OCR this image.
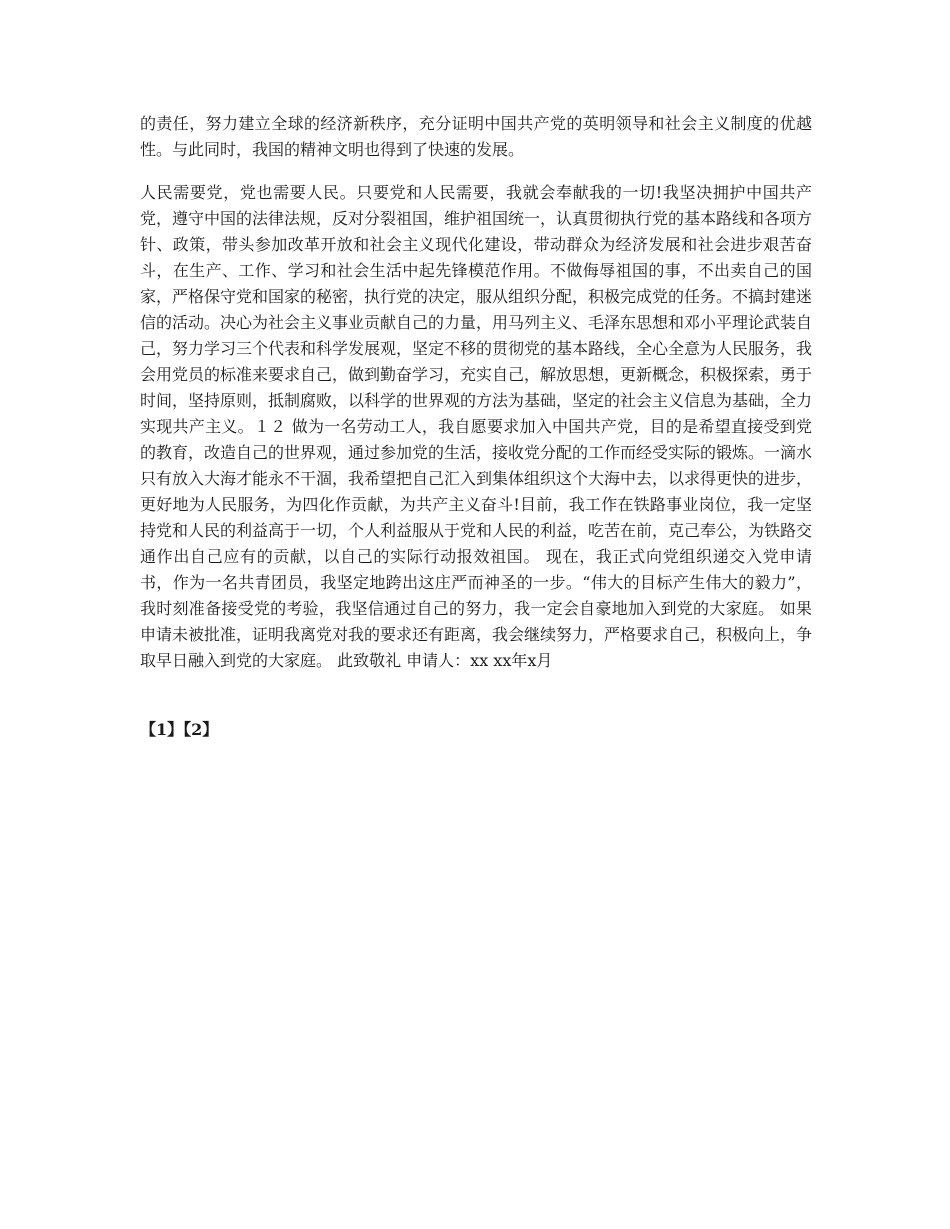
的责任，努力建立全球的经济新秩序，充分证明中国共产党的英明领导和社会主义制度的优越性。与此同时，我国的精神文明也得到了快速的发展。

人民需要党，党也需要人民。只要党和人民需要，我就会奉献我的一切!我坚决拥护中国共产党，遵守中国的法律法规，反对分裂祖国，维护祖国统一，认真贯彻执行党的基本路线和各项方针、政策，带头参加改革开放和社会主义现代化建设，带动群众为经济发展和社会进步艰苦奋斗，在生产、工作、学习和社会生活中起先锋模范作用。不做侮辱祖国的事，不出卖自己的国家，严格保守党和国家的秘密，执行党的决定，服从组织分配，积极完成党的任务。不搞封建迷信的活动。决心为社会主义事业贡献自己的力量，用马列主义、毛泽东思想和邓小平理论武装自己，努力学习三个代表和科学发展观，坚定不移的贯彻党的基本路线，全心全意为人民服务，我会用党员的标准来要求自己，做到勤奋学习，充实自己，解放思想，更新概念，积极探索，勇于时间，坚持原则，抵制腐败，以科学的世界观的方法为基础，坚定的社会主义信息为基础，全力实现共产主义。１２ 做为一名劳动工人，我自愿要求加入中国共产党，目的是希望直接受到党的教育，改造自己的世界观，通过参加党的生活，接收党分配的工作而经受实际的锻炼。一滴水只有放入大海才能永不干涸，我希望把自己汇入到集体组织这个大海中去，以求得更快的进步，更好地为人民服务，为四化作贡献，为共产主义奋斗!目前，我工作在铁路事业岗位，我一定坚持党和人民的利益高于一切，个人利益服从于党和人民的利益，吃苦在前，克己奉公，为铁路交通作出自己应有的贡献，以自己的实际行动报效祖国。 现在，我正式向党组织递交入党申请书，作为一名共青团员，我坚定地跨出这庄严而神圣的一步。“伟大的目标产生伟大的毅力”，我时刻准备接受党的考验，我坚信通过自己的努力，我一定会自豪地加入到党的大家庭。 如果申请未被批准，证明我离党对我的要求还有距离，我会继续努力，严格要求自己，积极向上，争取早日融入到党的大家庭。 此致敬礼 申请人：xx xx年x月

【1】【2】
